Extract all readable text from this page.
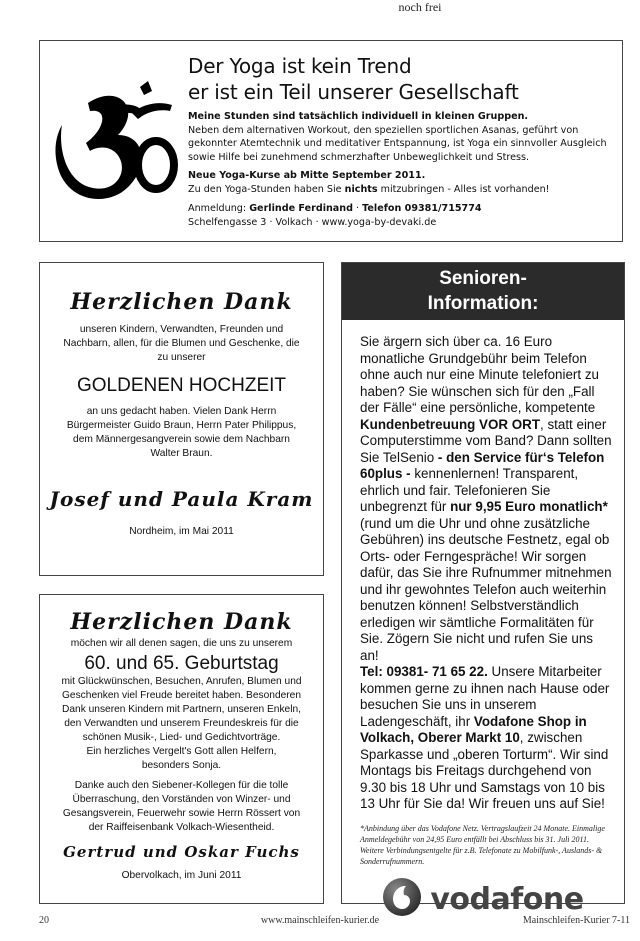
noch frei
Der Yoga ist kein Trend
er ist ein Teil unserer Gesellschaft
Meine Stunden sind tatsächlich individuell in kleinen Gruppen.
Neben dem alternativen Workout, den speziellen sportlichen Asanas, geführt von gekonnter Atemtechnik und meditativer Entspannung, ist Yoga ein sinnvoller Ausgleich sowie Hilfe bei zunehmend schmerzhafter Unbeweglichkeit und Stress.
Neue Yoga-Kurse ab Mitte September 2011.
Zu den Yoga-Stunden haben Sie nichts mitzubringen - Alles ist vorhanden!
Anmeldung: Gerlinde Ferdinand · Telefon 09381/715774
Schelfengasse 3 · Volkach · www.yoga-by-devaki.de
Herzlichen Dank
unseren Kindern, Verwandten, Freunden und Nachbarn, allen, für die Blumen und Geschenke, die zu unserer
GOLDENEN HOCHZEIT
an uns gedacht haben. Vielen Dank Herrn Bürgermeister Guido Braun, Herrn Pater Philippus, dem Männergesangverein sowie dem Nachbarn Walter Braun.
Josef und Paula Kram
Nordheim, im Mai 2011
Herzlichen Dank
möchen wir all denen sagen, die uns zu unserem
60. und 65. Geburtstag
mit Glückwünschen, Besuchen, Anrufen, Blumen und Geschenken viel Freude bereitet haben. Besonderen Dank unseren Kindern mit Partnern, unseren Enkeln, den Verwandten und unserem Freundeskreis für die schönen Musik-, Lied- und Gedichtvorträge.
Ein herzliches Vergelt's Gott allen Helfern, besonders Sonja.
Danke auch den Siebener-Kollegen für die tolle Überraschung, den Vorständen von Winzer- und Gesangsverein, Feuerwehr sowie Herrn Rössert von der Raiffeisenbank Volkach-Wiesentheid.
Gertrud und Oskar Fuchs
Obervolkach, im Juni 2011
Senioren-
Information:
Sie ärgern sich über ca. 16 Euro monatliche Grundgebühr beim Telefon ohne auch nur eine Minute telefoniert zu haben? Sie wünschen sich für den „Fall der Fälle“ eine persönliche, kompetente Kundenbetreuung VOR ORT, statt einer Computerstimme vom Band? Dann sollten Sie TelSenio - den Service für‘s Telefon 60plus - kennenlernen! Transparent, ehrlich und fair. Telefonieren Sie unbegrenzt für nur 9,95 Euro monatlich* (rund um die Uhr und ohne zusätzliche Gebühren) ins deutsche Festnetz, egal ob Orts- oder Ferngespräche! Wir sorgen dafür, das Sie ihre Rufnummer mitnehmen und ihr gewohntes Telefon auch weiterhin benutzen können! Selbstverständlich erledigen wir sämtliche Formalitäten für Sie. Zögern Sie nicht und rufen Sie uns an!
Tel: 09381- 71 65 22. Unsere Mitarbeiter kommen gerne zu ihnen nach Hause oder besuchen Sie uns in unserem Ladengeschäft, ihr Vodafone Shop in Volkach, Oberer Markt 10, zwischen Sparkasse und „oberen Torturm“. Wir sind Montags bis Freitags durchgehend von 9.30 bis 18 Uhr und Samstags von 10 bis 13 Uhr für Sie da! Wir freuen uns auf Sie!
*Anbindung über das Vodafone Netz. Vertragslaufzeit 24 Monate. Einmalige Anmeldegebühr von 24,95 Euro entfällt bei Abschluss bis 31. Juli 2011. Weitere Verbindungsentgelte für z.B. Telefonate zu Mobilfunk-, Auslands- & Sonderrufnummern.
vodafone
20	www.mainschleifen-kurier.de	Mainschleifen-Kurier 7-11
